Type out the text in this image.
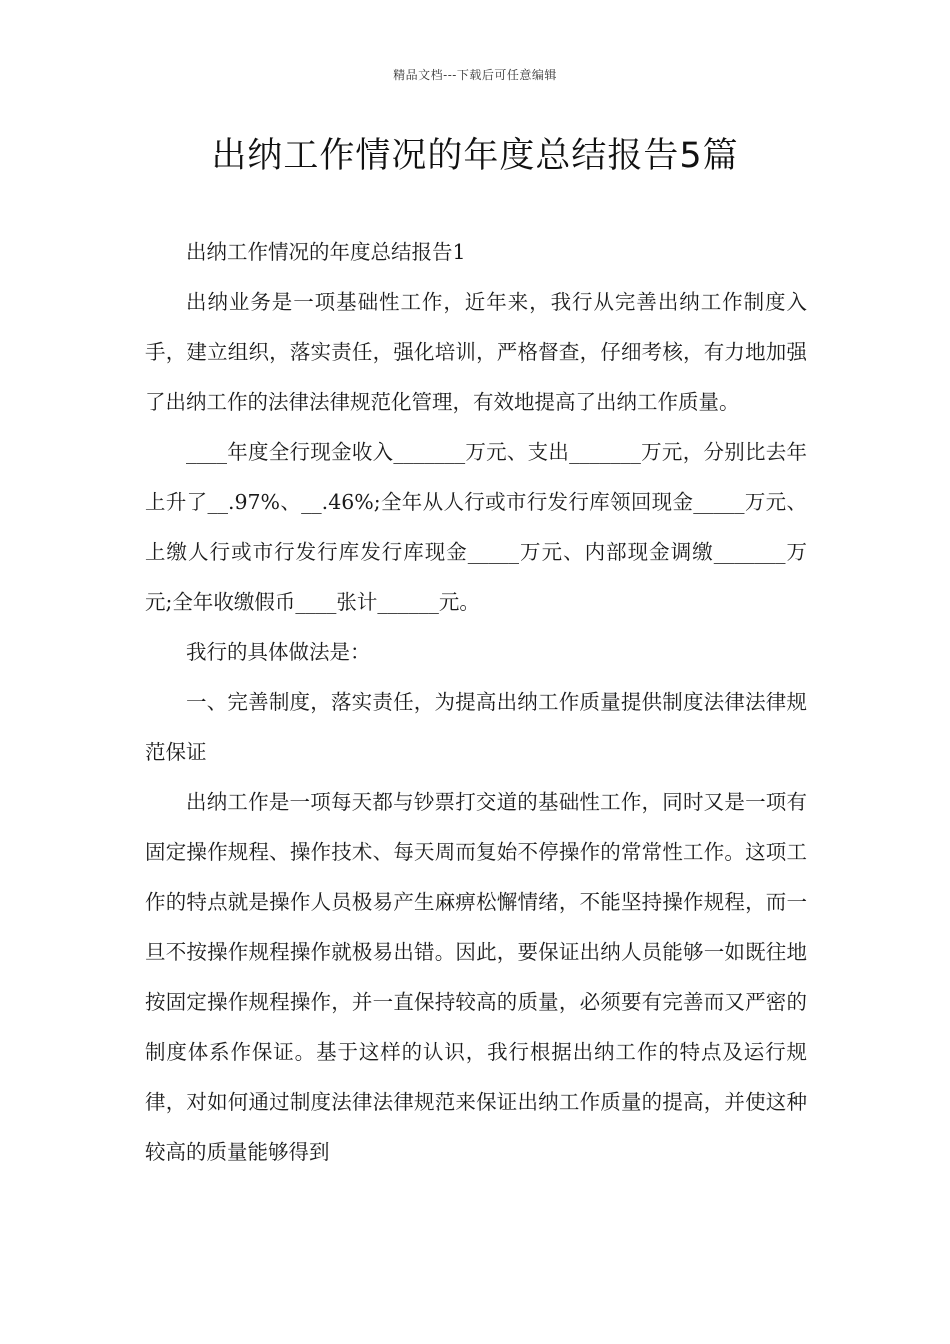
精品文档---下载后可任意编辑
出纳工作情况的年度总结报告5篇

出纳工作情况的年度总结报告1

出纳业务是一项基础性工作，近年来，我行从完善出纳工作制度入手，建立组织，落实责任，强化培训，严格督查，仔细考核，有力地加强了出纳工作的法律法律规范化管理，有效地提高了出纳工作质量。

____年度全行现金收入_______万元、支出_______万元，分别比去年上升了__.97%、__.46%;全年从人行或市行发行库领回现金_____万元、上缴人行或市行发行库发行库现金_____万元、内部现金调缴_______万元;全年收缴假币____张计______元。

我行的具体做法是：

一、完善制度，落实责任，为提高出纳工作质量提供制度法律法律规范保证

出纳工作是一项每天都与钞票打交道的基础性工作，同时又是一项有固定操作规程、操作技术、每天周而复始不停操作的常常性工作。这项工作的特点就是操作人员极易产生麻痹松懈情绪，不能坚持操作规程，而一旦不按操作规程操作就极易出错。因此，要保证出纳人员能够一如既往地按固定操作规程操作，并一直保持较高的质量，必须要有完善而又严密的制度体系作保证。基于这样的认识，我行根据出纳工作的特点及运行规律，对如何通过制度法律法律规范来保证出纳工作质量的提高，并使这种较高的质量能够得到
